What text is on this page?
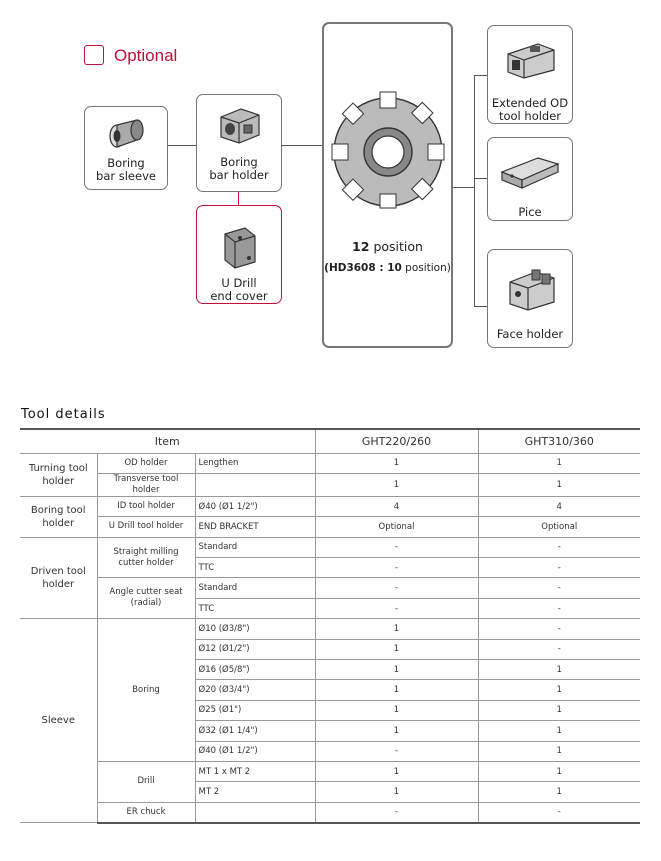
Optional
Boring
bar sleeve
Boring
bar holder
U Drill
end cover
12 position
(HD3608 : 10 position)
Extended OD
tool holder
Pice
Face holder
Tool details
Item			GHT220/260	GHT310/360
Turning tool holder	OD holder	Lengthen	1	1
	Transverse tool holder		1	1
Boring tool holder	ID tool holder	Ø40 (Ø1 1/2")	4	4
	U Drill tool holder	END BRACKET	Optional	Optional
Driven tool holder	Straight milling cutter holder	Standard	-	-
		TTC	-	-
	Angle cutter seat (radial)	Standard	-	-
		TTC	-	-
Sleeve	Boring	Ø10 (Ø3/8")	1	-
		Ø12 (Ø1/2")	1	-
		Ø16 (Ø5/8")	1	1
		Ø20 (Ø3/4")	1	1
		Ø25 (Ø1")	1	1
		Ø32 (Ø1 1/4")	1	1
		Ø40 (Ø1 1/2")	-	1
	Drill	MT 1 x MT 2	1	1
		MT 2	1	1
	ER chuck		-	-
